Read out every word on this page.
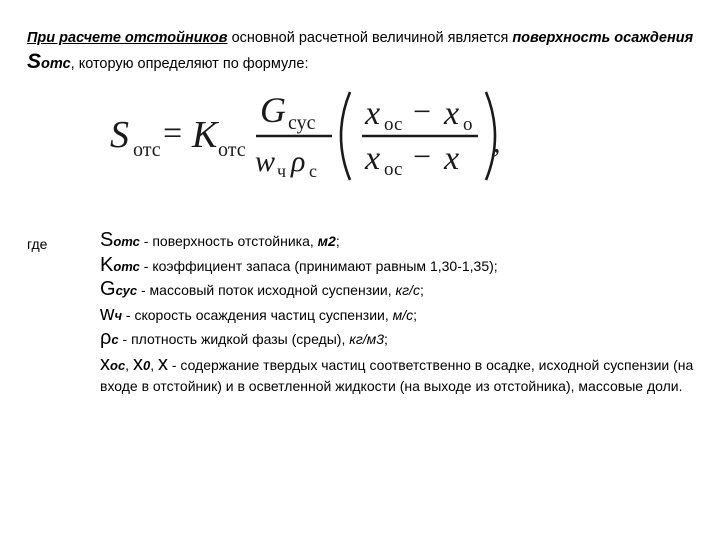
При расчете отстойников основной расчетной величиной является поверхность осаждения Sотс, которую определяют по формуле:
S отс = K отс
G сус
w ч ρ с
x ос − x о
x ос − x ,
где	Sотс - поверхность отстойника, м2;
Kотс - коэффициент запаса (принимают равным 1,30-1,35);
Gсус - массовый поток исходной суспензии, кг/с;
wч - скорость осаждения частиц суспензии, м/с;
ρс - плотность жидкой фазы (среды), кг/м3;
xос, x0, x - содержание твердых частиц соответственно в осадке, исходной суспензии (на входе в отстойник) и в осветленной жидкости (на выходе из отстойника), массовые доли.
